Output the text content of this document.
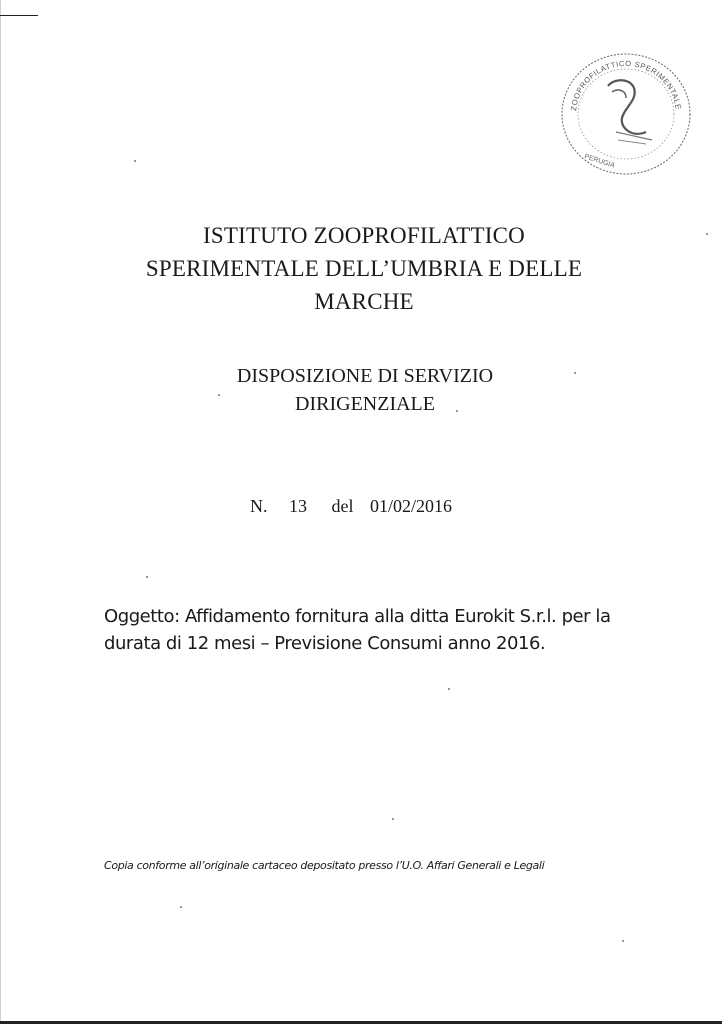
ZOOPROFILATTICO SPERIMENTALE
PERUGIA
ISTITUTO ZOOPROFILATTICO
SPERIMENTALE DELL’UMBRIA E DELLE
MARCHE
DISPOSIZIONE DI SERVIZIO
DIRIGENZIALE
N. 13 del 01/02/2016
Oggetto: Affidamento fornitura alla ditta Eurokit S.r.l. per la
durata di 12 mesi – Previsione Consumi anno 2016.
Copia conforme all’originale cartaceo depositato presso l’U.O. Affari Generali e Legali
